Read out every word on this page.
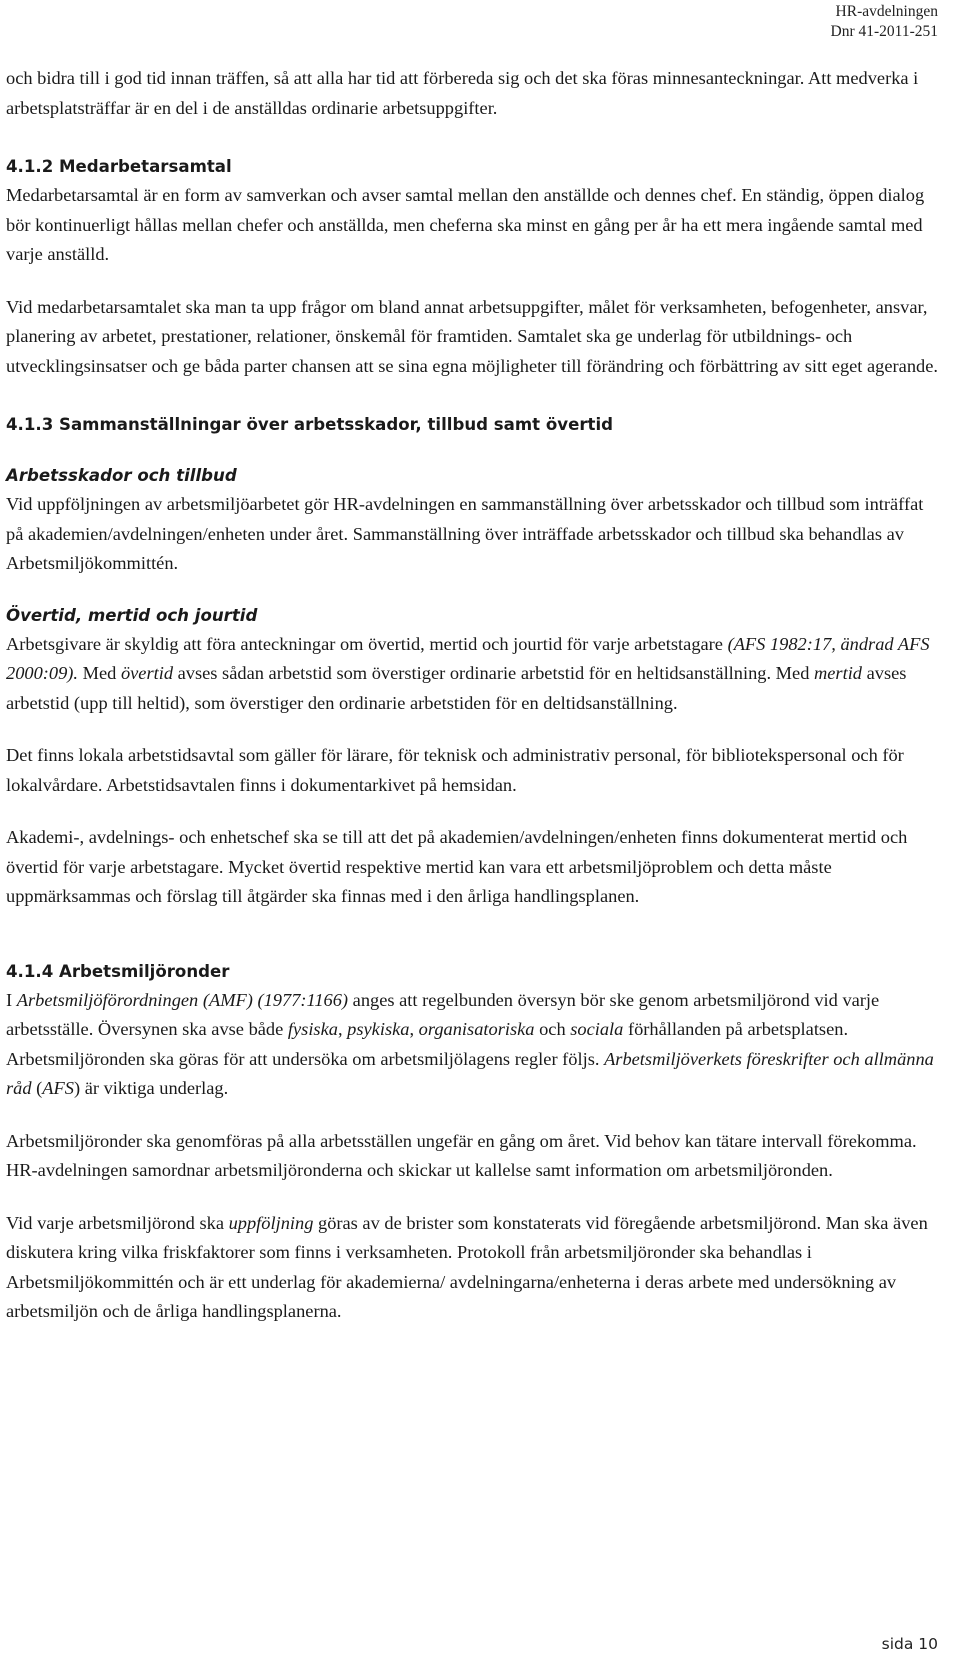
HR-avdelningen
Dnr 41-2011-251

och bidra till i god tid innan träffen, så att alla har tid att förbereda sig och det ska föras minnesanteckningar. Att medverka i arbetsplatsträffar är en del i de anställdas ordinarie arbetsuppgifter.

4.1.2 Medarbetarsamtal

Medarbetarsamtal är en form av samverkan och avser samtal mellan den anställde och dennes chef. En ständig, öppen dialog bör kontinuerligt hållas mellan chefer och anställda, men cheferna ska minst en gång per år ha ett mera ingående samtal med varje anställd.

Vid medarbetarsamtalet ska man ta upp frågor om bland annat arbetsuppgifter, målet för verksamheten, befogenheter, ansvar, planering av arbetet, prestationer, relationer, önskemål för framtiden. Samtalet ska ge underlag för utbildnings- och utvecklingsinsatser och ge båda parter chansen att se sina egna möjligheter till förändring och förbättring av sitt eget agerande.

4.1.3 Sammanställningar över arbetsskador, tillbud samt övertid
Arbetsskador och tillbud

Vid uppföljningen av arbetsmiljöarbetet gör HR-avdelningen en sammanställning över arbetsskador och tillbud som inträffat på akademien/avdelningen/enheten under året. Sammanställning över inträffade arbetsskador och tillbud ska behandlas av Arbetsmiljökommittén.

Övertid, mertid och jourtid

Arbetsgivare är skyldig att föra anteckningar om övertid, mertid och jourtid för varje arbetstagare (AFS 1982:17, ändrad AFS 2000:09). Med övertid avses sådan arbetstid som överstiger ordinarie arbetstid för en heltidsanställning. Med mertid avses arbetstid (upp till heltid), som överstiger den ordinarie arbetstiden för en deltidsanställning.

Det finns lokala arbetstidsavtal som gäller för lärare, för teknisk och administrativ personal, för bibliotekspersonal och för lokalvårdare. Arbetstidsavtalen finns i dokumentarkivet på hemsidan.

Akademi-, avdelnings- och enhetschef ska se till att det på akademien/avdelningen/enheten finns dokumenterat mertid och övertid för varje arbetstagare. Mycket övertid respektive mertid kan vara ett arbetsmiljöproblem och detta måste uppmärksammas och förslag till åtgärder ska finnas med i den årliga handlingsplanen.

4.1.4 Arbetsmiljöronder

I Arbetsmiljöförordningen (AMF) (1977:1166) anges att regelbunden översyn bör ske genom arbetsmiljörond vid varje arbetsställe. Översynen ska avse både fysiska, psykiska, organisatoriska och sociala förhållanden på arbetsplatsen. Arbetsmiljöronden ska göras för att undersöka om arbetsmiljölagens regler följs. Arbetsmiljöverkets föreskrifter och allmänna råd (AFS) är viktiga underlag.

Arbetsmiljöronder ska genomföras på alla arbetsställen ungefär en gång om året. Vid behov kan tätare intervall förekomma. HR-avdelningen samordnar arbetsmiljöronderna och skickar ut kallelse samt information om arbetsmiljöronden.

Vid varje arbetsmiljörond ska uppföljning göras av de brister som konstaterats vid föregående arbetsmiljörond. Man ska även diskutera kring vilka friskfaktorer som finns i verksamheten. Protokoll från arbetsmiljöronder ska behandlas i Arbetsmiljökommittén och är ett underlag för akademierna/ avdelningarna/enheterna i deras arbete med undersökning av arbetsmiljön och de årliga handlingsplanerna.

sida 10
